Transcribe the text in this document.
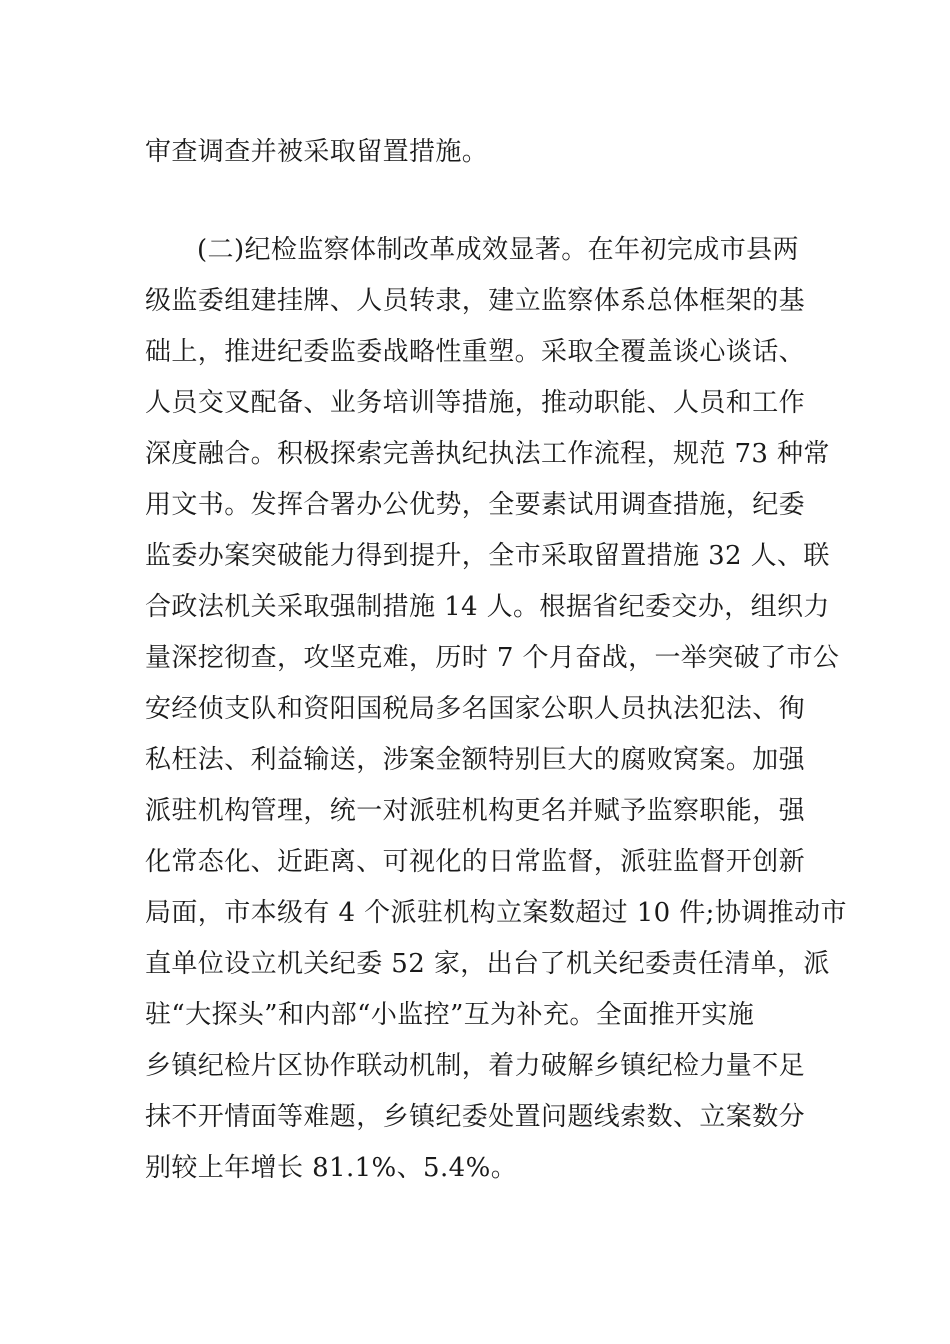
审查调查并被采取留置措施。
(二)纪检监察体制改革成效显著。在年初完成市县两
级监委组建挂牌、人员转隶，建立监察体系总体框架的基
础上，推进纪委监委战略性重塑。采取全覆盖谈心谈话、
人员交叉配备、业务培训等措施，推动职能、人员和工作
深度融合。积极探索完善执纪执法工作流程，规范 73 种常
用文书。发挥合署办公优势，全要素试用调查措施，纪委
监委办案突破能力得到提升，全市采取留置措施 32 人、联
合政法机关采取强制措施 14 人。根据省纪委交办，组织力
量深挖彻查，攻坚克难，历时 7 个月奋战，一举突破了市公
安经侦支队和资阳国税局多名国家公职人员执法犯法、徇
私枉法、利益输送，涉案金额特别巨大的腐败窝案。加强
派驻机构管理，统一对派驻机构更名并赋予监察职能，强
化常态化、近距离、可视化的日常监督，派驻监督开创新
局面，市本级有 4 个派驻机构立案数超过 10 件;协调推动市
直单位设立机关纪委 52 家，出台了机关纪委责任清单，派
驻“大探头”和内部“小监控”互为补充。全面推开实施
乡镇纪检片区协作联动机制，着力破解乡镇纪检力量不足
抹不开情面等难题，乡镇纪委处置问题线索数、立案数分
别较上年增长 81.1%、5.4%。
